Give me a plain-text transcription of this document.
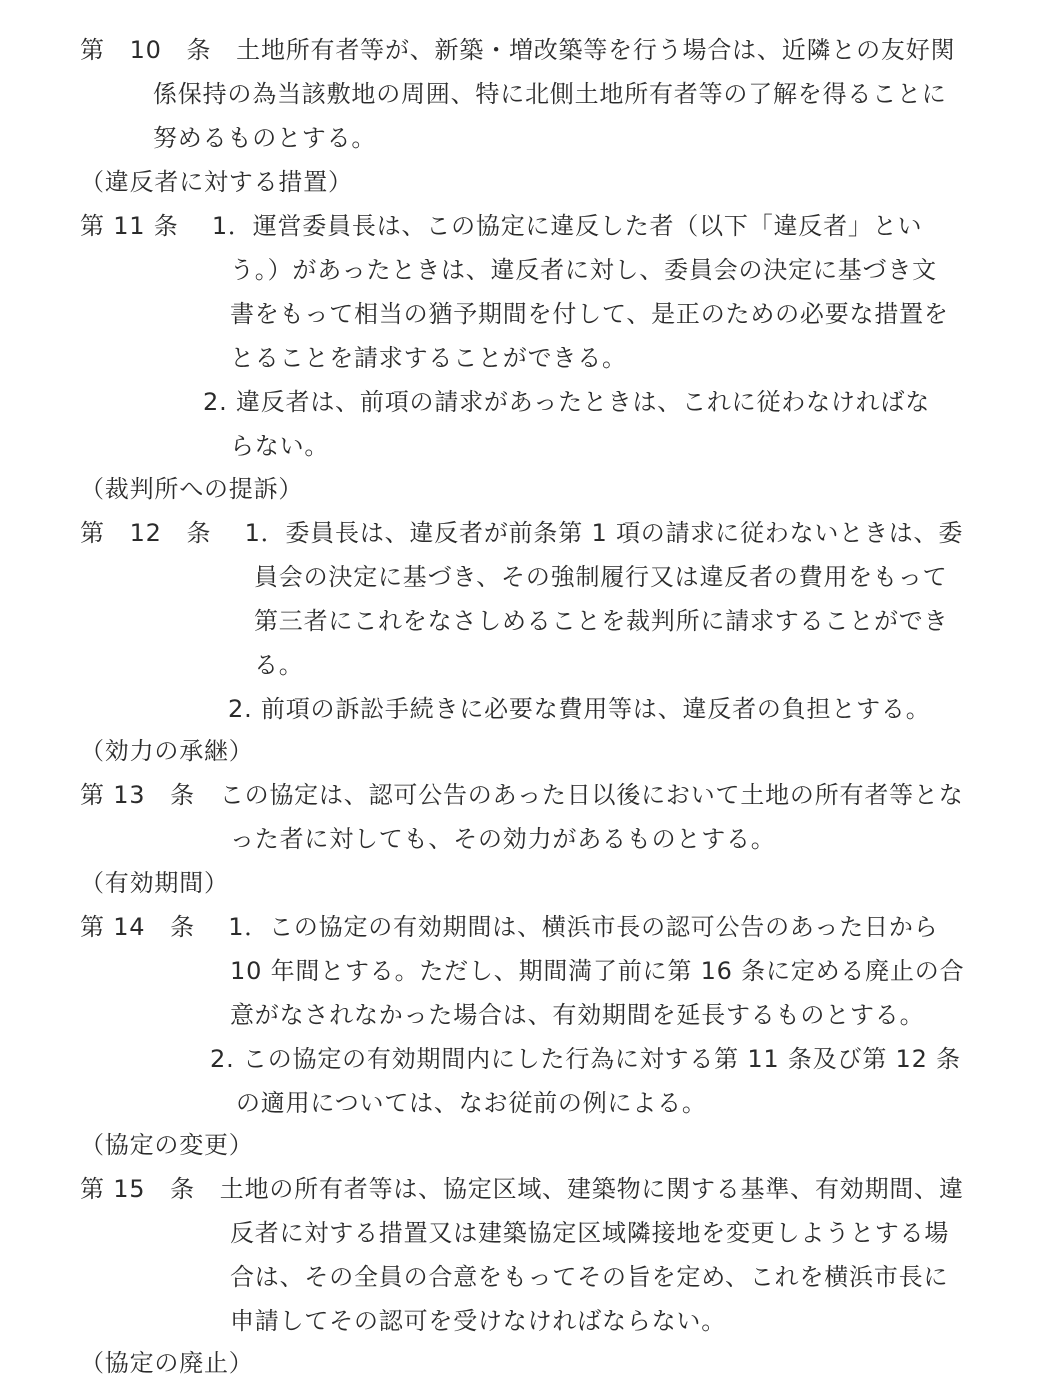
第　10　条　土地所有者等が、新築・増改築等を行う場合は、近隣との友好関
係保持の為当該敷地の周囲、特に北側土地所有者等の了解を得ることに
努めるものとする。
（違反者に対する措置）
第 11 条　 1．運営委員長は、この協定に違反した者（以下「違反者」とい
う。）があったときは、違反者に対し、委員会の決定に基づき文
書をもって相当の猶予期間を付して、是正のための必要な措置を
とることを請求することができる。
2. 違反者は、前項の請求があったときは、これに従わなければな
らない。
（裁判所への提訴）
第　12　条　 1．委員長は、違反者が前条第 1 項の請求に従わないときは、委
員会の決定に基づき、その強制履行又は違反者の費用をもって
第三者にこれをなさしめることを裁判所に請求することができ
る。
2. 前項の訴訟手続きに必要な費用等は、違反者の負担とする。
（効力の承継）
第 13　条　この協定は、認可公告のあった日以後において土地の所有者等とな
った者に対しても、その効力があるものとする。
（有効期間）
第 14　条　 1．この協定の有効期間は、横浜市長の認可公告のあった日から
10 年間とする。ただし、期間満了前に第 16 条に定める廃止の合
意がなされなかった場合は、有効期間を延長するものとする。
2. この協定の有効期間内にした行為に対する第 11 条及び第 12 条
の適用については、なお従前の例による。
（協定の変更）
第 15　条　土地の所有者等は、協定区域、建築物に関する基準、有効期間、違
反者に対する措置又は建築協定区域隣接地を変更しようとする場
合は、その全員の合意をもってその旨を定め、これを横浜市長に
申請してその認可を受けなければならない。
（協定の廃止）
